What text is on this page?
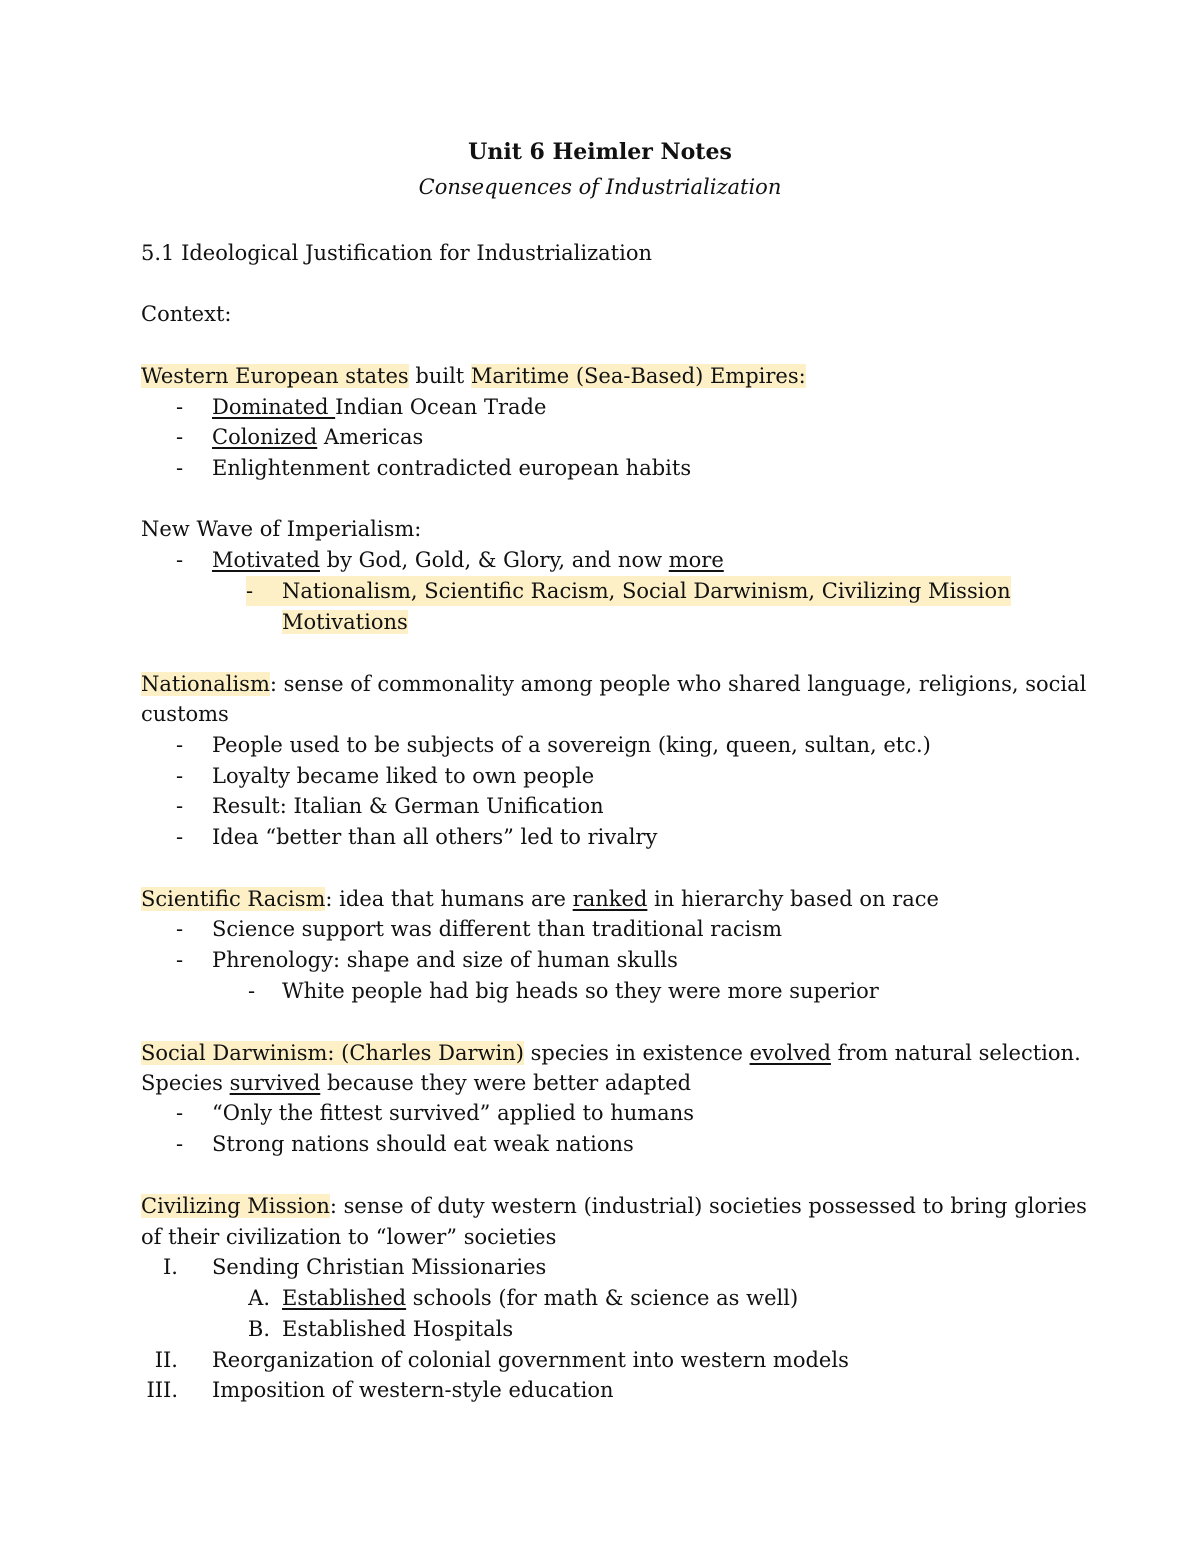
Unit 6 Heimler Notes
Consequences of Industrialization
5.1 Ideological Justification for Industrialization
Context:
Western European states built Maritime (Sea-Based) Empires:
-	Dominated Indian Ocean Trade
-	Colonized Americas
-	Enlightenment contradicted european habits
New Wave of Imperialism:
-	Motivated by God, Gold, & Glory, and now more
-	Nationalism, Scientific Racism, Social Darwinism, Civilizing Mission
Motivations
Nationalism: sense of commonality among people who shared language, religions, social
customs
-	People used to be subjects of a sovereign (king, queen, sultan, etc.)
-	Loyalty became liked to own people
-	Result: Italian & German Unification
-	Idea “better than all others” led to rivalry
Scientific Racism: idea that humans are ranked in hierarchy based on race
-	Science support was different than traditional racism
-	Phrenology: shape and size of human skulls
-	White people had big heads so they were more superior
Social Darwinism: (Charles Darwin) species in existence evolved from natural selection.
Species survived because they were better adapted
-	“Only the fittest survived” applied to humans
-	Strong nations should eat weak nations
Civilizing Mission: sense of duty western (industrial) societies possessed to bring glories
of their civilization to “lower” societies
I. Sending Christian Missionaries
A. Established schools (for math & science as well)
B. Established Hospitals
II. Reorganization of colonial government into western models
III. Imposition of western-style education
